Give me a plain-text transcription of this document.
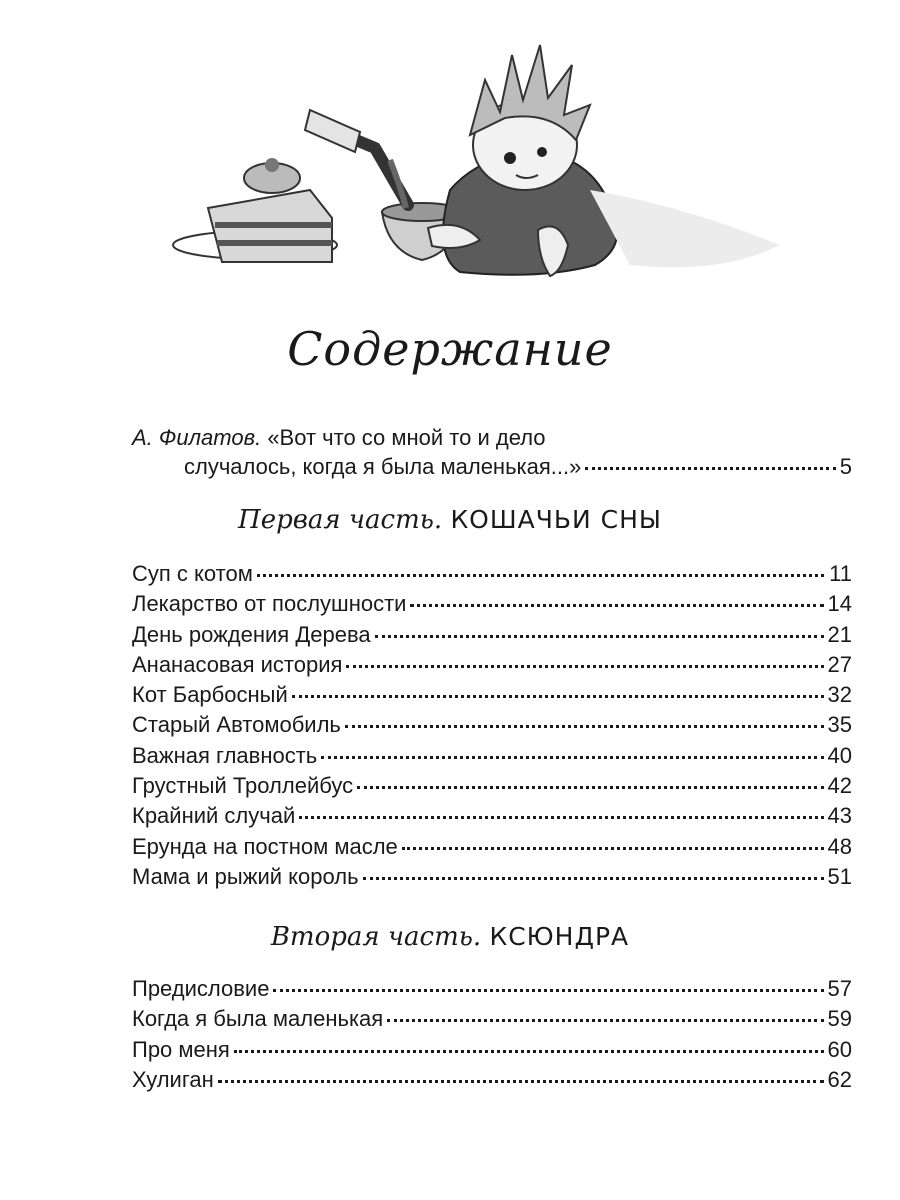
Содержание
А. Филатов. «Вот что со мной то и дело
случалось, когда я была маленькая...»	5
Первая часть. КОШАЧЬИ СНЫ
Суп с котом	11
Лекарство от послушности	14
День рождения Дерева	21
Ананасовая история	27
Кот Барбосный	32
Старый Автомобиль	35
Важная главность	40
Грустный Троллейбус	42
Крайний случай	43
Ерунда на постном масле	48
Мама и рыжий король	51
Вторая часть. КСЮНДРА
Предисловие	57
Когда я была маленькая	59
Про меня	60
Хулиган	62
